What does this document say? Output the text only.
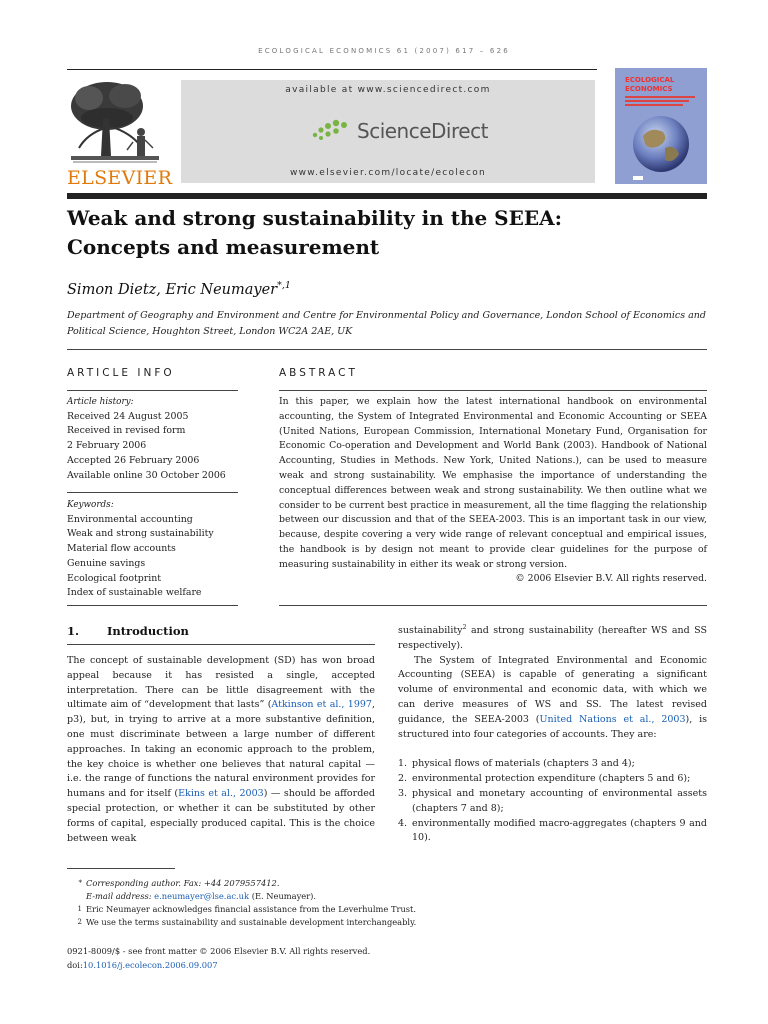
ECOLOGICAL ECONOMICS 61 (2007) 617 – 626
ELSEVIER
available at www.sciencedirect.com
ScienceDirect
www.elsevier.com/locate/ecolecon
ECOLOGICAL
ECONOMICS
Weak and strong sustainability in the SEEA:
Concepts and measurement
Simon Dietz, Eric Neumayer$^{*,1}$
Department of Geography and Environment and Centre for Environmental Policy and Governance, London School of Economics and Political Science, Houghton Street, London WC2A 2AE, UK
ARTICLE INFO
Article history:
Received 24 August 2005
Received in revised form
2 February 2006
Accepted 26 February 2006
Available online 30 October 2006
Keywords:
Environmental accounting
Weak and strong sustainability
Material flow accounts
Genuine savings
Ecological footprint
Index of sustainable welfare
ABSTRACT
In this paper, we explain how the latest international handbook on environmental accounting, the System of Integrated Environmental and Economic Accounting or SEEA (United Nations, European Commission, International Monetary Fund, Organisation for Economic Co-operation and Development and World Bank (2003). Handbook of National Accounting, Studies in Methods. New York, United Nations.), can be used to measure weak and strong sustainability. We emphasise the importance of understanding the conceptual differences between weak and strong sustainability. We then outline what we consider to be current best practice in measurement, all the time flagging the relationship between our discussion and that of the SEEA-2003. This is an important task in our view, because, despite covering a very wide range of relevant conceptual and empirical issues, the handbook is by design not meant to provide clear guidelines for the purpose of measuring sustainability in either its weak or strong version.
© 2006 Elsevier B.V. All rights reserved.
1. Introduction
The concept of sustainable development (SD) has won broad appeal because it has resisted a single, accepted interpretation. There can be little disagreement with the ultimate aim of “development that lasts” (Atkinson et al., 1997, p3), but, in trying to arrive at a more substantive definition, one must discriminate between a large number of different approaches. In taking an economic approach to the problem, the key choice is whether one believes that natural capital — i.e. the range of functions the natural environment provides for humans and for itself (Ekins et al., 2003) — should be afforded special protection, or whether it can be substituted by other forms of capital, especially produced capital. This is the choice between weak
sustainability$^2$ and strong sustainability (hereafter WS and SS respectively).
The System of Integrated Environmental and Economic Accounting (SEEA) is capable of generating a significant volume of environmental and economic data, with which we can derive measures of WS and SS. The latest revised guidance, the SEEA-2003 (United Nations et al., 2003), is structured into four categories of accounts. They are:
1. physical flows of materials (chapters 3 and 4);
2. environmental protection expenditure (chapters 5 and 6);
3. physical and monetary accounting of environmental assets (chapters 7 and 8);
4. environmentally modified macro-aggregates (chapters 9 and 10).
* Corresponding author. Fax: +44 2079557412.
E-mail address: e.neumayer@lse.ac.uk (E. Neumayer).
1 Eric Neumayer acknowledges financial assistance from the Leverhulme Trust.
2 We use the terms sustainability and sustainable development interchangeably.
0921-8009/$ - see front matter © 2006 Elsevier B.V. All rights reserved.
doi:10.1016/j.ecolecon.2006.09.007
